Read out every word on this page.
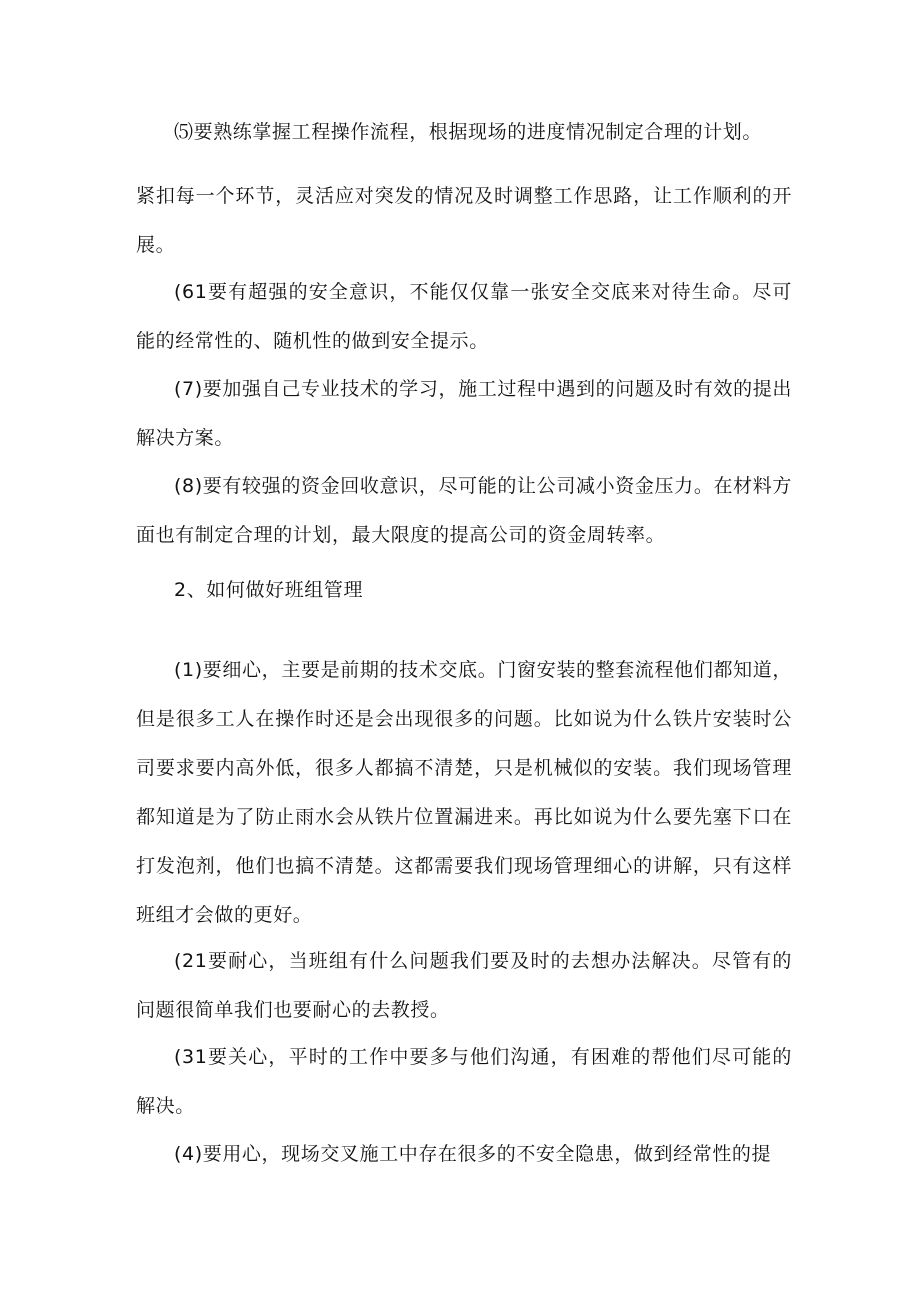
⑸要熟练掌握工程操作流程，根据现场的进度情况制定合理的计划。

紧扣每一个环节，灵活应对突发的情况及时调整工作思路，让工作顺利的开展。

(61要有超强的安全意识，不能仅仅靠一张安全交底来对待生命。尽可能的经常性的、随机性的做到安全提示。

(7)要加强自己专业技术的学习，施工过程中遇到的问题及时有效的提出解决方案。

(8)要有较强的资金回收意识，尽可能的让公司减小资金压力。在材料方面也有制定合理的计划，最大限度的提高公司的资金周转率。

2、如何做好班组管理

(1)要细心，主要是前期的技术交底。门窗安装的整套流程他们都知道，但是很多工人在操作时还是会出现很多的问题。比如说为什么铁片安装时公司要求要内高外低，很多人都搞不清楚，只是机械似的安装。我们现场管理都知道是为了防止雨水会从铁片位置漏进来。再比如说为什么要先塞下口在打发泡剂，他们也搞不清楚。这都需要我们现场管理细心的讲解，只有这样班组才会做的更好。

(21要耐心，当班组有什么问题我们要及时的去想办法解决。尽管有的问题很简单我们也要耐心的去教授。

(31要关心，平时的工作中要多与他们沟通，有困难的帮他们尽可能的解决。

(4)要用心，现场交叉施工中存在很多的不安全隐患，做到经常性的提
